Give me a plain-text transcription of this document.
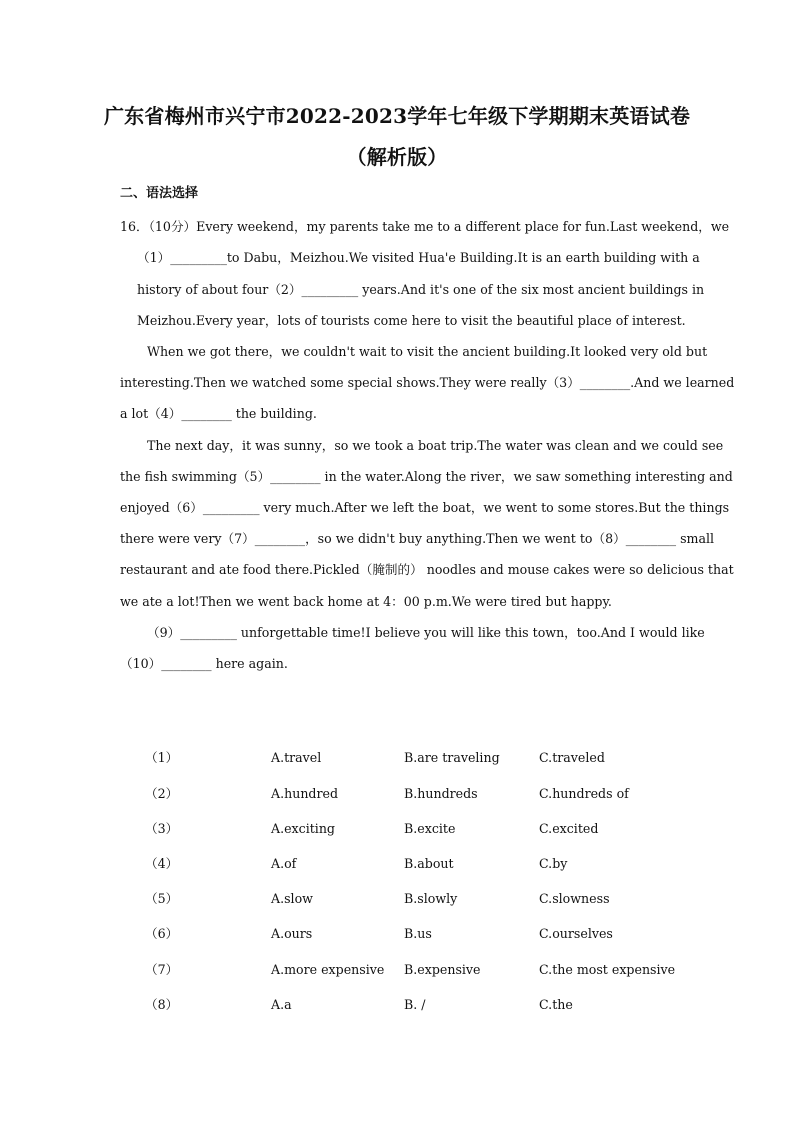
广东省梅州市兴宁市2022-2023学年七年级下学期期末英语试卷
（解析版）
二、语法选择
16．（10分）Every weekend，my parents take me to a different place for fun.Last weekend，we
（1）_________to Dabu，Meizhou.We visited Hua'e Building.It is an earth building with a
history of about four（2）_________ years.And it's one of the six most ancient buildings in
Meizhou.Every year，lots of tourists come here to visit the beautiful place of interest.
When we got there，we couldn't wait to visit the ancient building.It looked very old but
interesting.Then we watched some special shows.They were really（3）________.And we learned
a lot（4）________ the building.
The next day，it was sunny，so we took a boat trip.The water was clean and we could see
the fish swimming（5）________ in the water.Along the river，we saw something interesting and
enjoyed（6）_________ very much.After we left the boat，we went to some stores.But the things
there were very（7）________，so we didn't buy anything.Then we went to（8）________ small
restaurant and ate food there.Pickled（腌制的） noodles and mouse cakes were so delicious that
we ate a lot!Then we went back home at 4：00 p.m.We were tired but happy.
（9）_________ unforgettable time!I believe you will like this town，too.And I would like
（10）________ here again.
（1）	A.travel	B.are traveling	C.traveled
（2）	A.hundred	B.hundreds	C.hundreds of
（3）	A.exciting	B.excite	C.excited
（4）	A.of	B.about	C.by
（5）	A.slow	B.slowly	C.slowness
（6）	A.ours	B.us	C.ourselves
（7）	A.more expensive B.expensive	C.the most expensive
（8）	A.a	B. /	C.the
